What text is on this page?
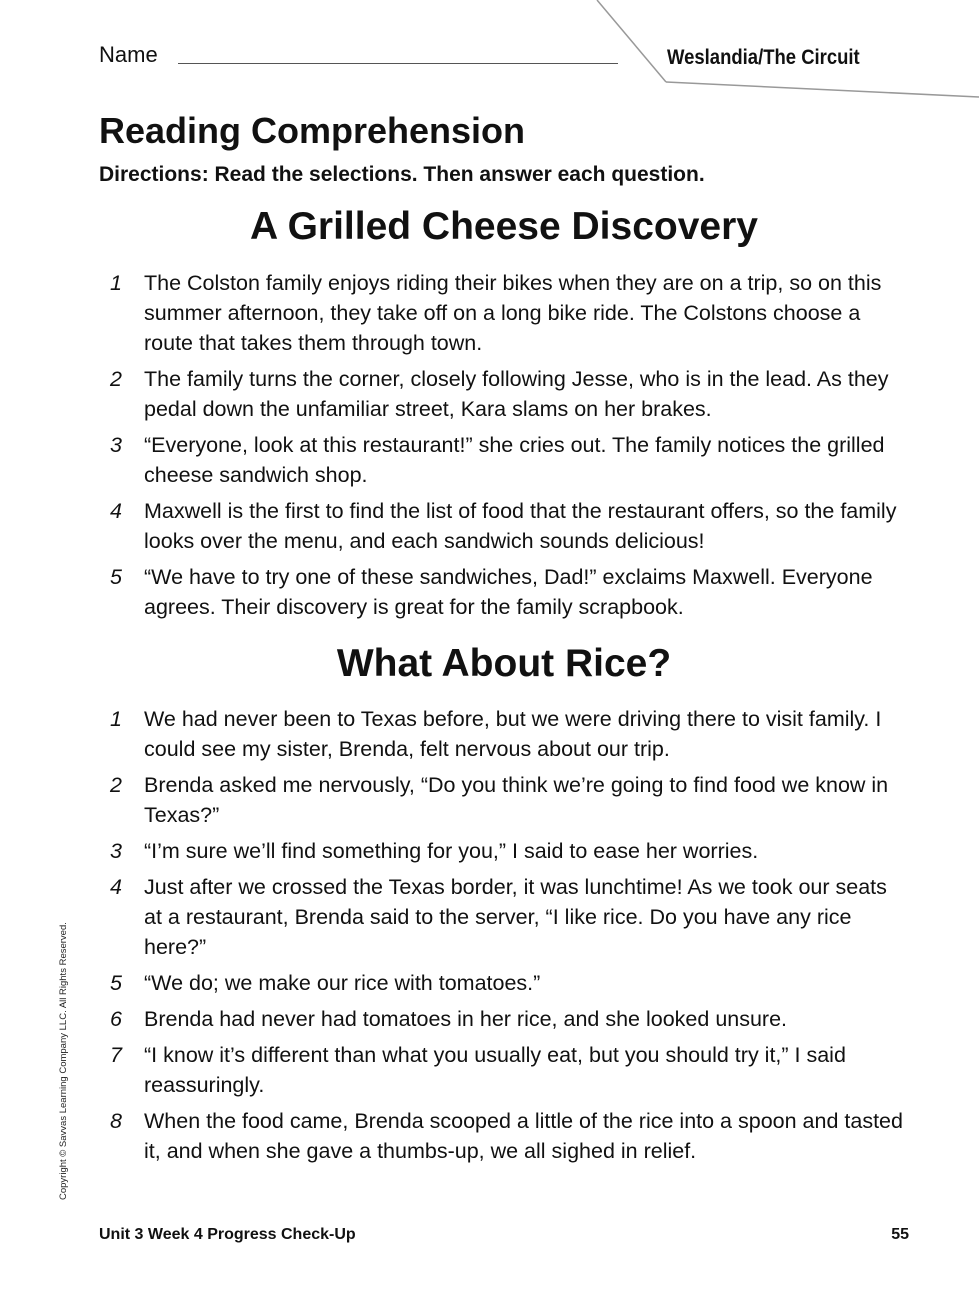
Name	Weslandia/The Circuit
Reading Comprehension
Directions: Read the selections. Then answer each question.
A Grilled Cheese Discovery
1 The Colston family enjoys riding their bikes when they are on a trip, so on this summer afternoon, they take off on a long bike ride. The Colstons choose a route that takes them through town.
2 The family turns the corner, closely following Jesse, who is in the lead. As they pedal down the unfamiliar street, Kara slams on her brakes.
3 “Everyone, look at this restaurant!” she cries out. The family notices the grilled cheese sandwich shop.
4 Maxwell is the first to find the list of food that the restaurant offers, so the family looks over the menu, and each sandwich sounds delicious!
5 “We have to try one of these sandwiches, Dad!” exclaims Maxwell. Everyone agrees. Their discovery is great for the family scrapbook.
What About Rice?
1 We had never been to Texas before, but we were driving there to visit family. I could see my sister, Brenda, felt nervous about our trip.
2 Brenda asked me nervously, “Do you think we’re going to find food we know in Texas?”
3 “I’m sure we’ll find something for you,” I said to ease her worries.
4 Just after we crossed the Texas border, it was lunchtime! As we took our seats at a restaurant, Brenda said to the server, “I like rice. Do you have any rice here?”
5 “We do; we make our rice with tomatoes.”
6 Brenda had never had tomatoes in her rice, and she looked unsure.
7 “I know it’s different than what you usually eat, but you should try it,” I said reassuringly.
8 When the food came, Brenda scooped a little of the rice into a spoon and tasted it, and when she gave a thumbs-up, we all sighed in relief.
Copyright © Savvas Learning Company LLC. All Rights Reserved.
Unit 3 Week 4 Progress Check-Up	55
